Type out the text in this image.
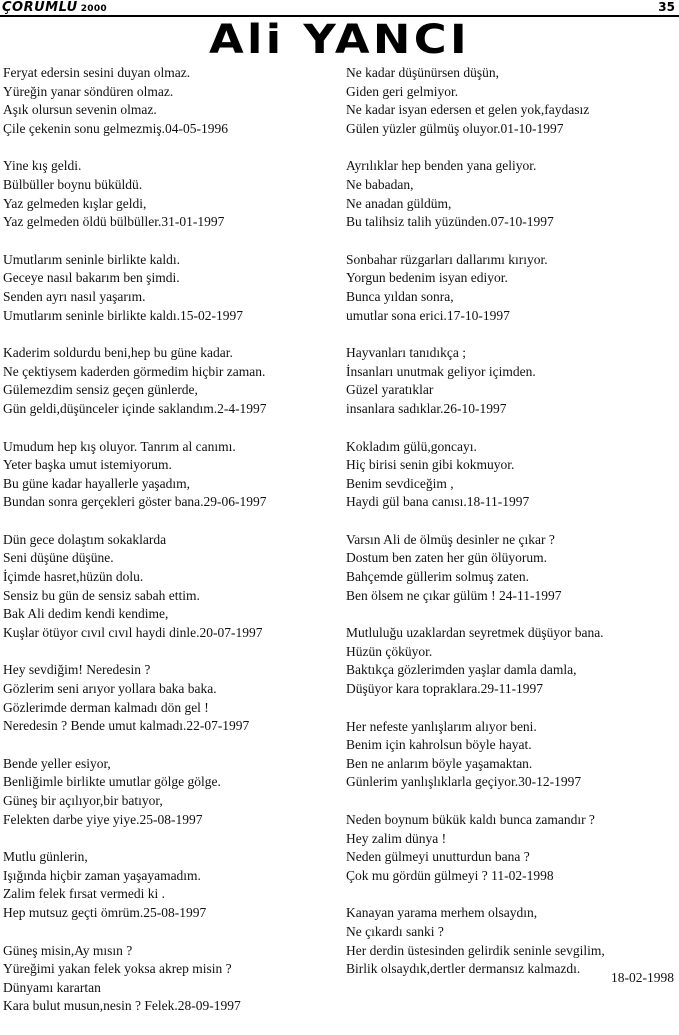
ÇORUMLU 2000	35
Ali YANCI
Feryat edersin sesini duyan olmaz.
Yüreğin yanar söndüren olmaz.
Aşık olursun sevenin olmaz.
Çile çekenin sonu gelmezmiş.04-05-1996
Yine kış geldi.
Bülbüller boynu büküldü.
Yaz gelmeden kışlar geldi,
Yaz gelmeden öldü bülbüller.31-01-1997
Umutlarım seninle birlikte kaldı.
Geceye nasıl bakarım ben şimdi.
Senden ayrı nasıl yaşarım.
Umutlarım seninle birlikte kaldı.15-02-1997
Kaderim soldurdu beni,hep bu güne kadar.
Ne çektiysem kaderden görmedim hiçbir zaman.
Gülemezdim sensiz geçen günlerde,
Gün geldi,düşünceler içinde saklandım.2-4-1997
Umudum hep kış oluyor. Tanrım al canımı.
Yeter başka umut istemiyorum.
Bu güne kadar hayallerle yaşadım,
Bundan sonra gerçekleri göster bana.29-06-1997
Dün gece dolaştım sokaklarda
Seni düşüne düşüne.
İçimde hasret,hüzün dolu.
Sensiz bu gün de sensiz sabah ettim.
Bak Ali dedim kendi kendime,
Kuşlar ötüyor cıvıl cıvıl haydi dinle.20-07-1997
Hey sevdiğim! Neredesin ?
Gözlerim seni arıyor yollara baka baka.
Gözlerimde derman kalmadı dön gel !
Neredesin ? Bende umut kalmadı.22-07-1997
Bende yeller esiyor,
Benliğimle birlikte umutlar gölge gölge.
Güneş bir açılıyor,bir batıyor,
Felekten darbe yiye yiye.25-08-1997
Mutlu günlerin,
Işığında hiçbir zaman yaşayamadım.
Zalim felek fırsat vermedi ki .
Hep mutsuz geçti ömrüm.25-08-1997
Güneş misin,Ay mısın ?
Yüreğimi yakan felek yoksa akrep misin ?
Dünyamı karartan
Kara bulut musun,nesin ? Felek.28-09-1997
Ne kadar düşünürsen düşün,
Giden geri gelmiyor.
Ne kadar isyan edersen et gelen yok,faydasız
Gülen yüzler gülmüş oluyor.01-10-1997
Ayrılıklar hep benden yana geliyor.
Ne babadan,
Ne anadan güldüm,
Bu talihsiz talih yüzünden.07-10-1997
Sonbahar rüzgarları dallarımı kırıyor.
Yorgun bedenim isyan ediyor.
Bunca yıldan sonra,
umutlar sona erici.17-10-1997
Hayvanları tanıdıkça ;
İnsanları unutmak geliyor içimden.
Güzel yaratıklar
insanlara sadıklar.26-10-1997
Kokladım gülü,goncayı.
Hiç birisi senin gibi kokmuyor.
Benim sevdiceğim ,
Haydi gül bana canısı.18-11-1997
Varsın Ali de ölmüş desinler ne çıkar ?
Dostum ben zaten her gün ölüyorum.
Bahçemde güllerim solmuş zaten.
Ben ölsem ne çıkar gülüm ! 24-11-1997
Mutluluğu uzaklardan seyretmek düşüyor bana.
Hüzün çöküyor.
Baktıkça gözlerimden yaşlar damla damla,
Düşüyor kara topraklara.29-11-1997
Her nefeste yanlışlarım alıyor beni.
Benim için kahrolsun böyle hayat.
Ben ne anlarım böyle yaşamaktan.
Günlerim yanlışlıklarla geçiyor.30-12-1997
Neden boynum bükük kaldı bunca zamandır ?
Hey zalim dünya !
Neden gülmeyi unutturdun bana ?
Çok mu gördün gülmeyi ? 11-02-1998
Kanayan yarama merhem olsaydın,
Ne çıkardı sanki ?
Her derdin üstesinden gelirdik seninle sevgilim,
Birlik olsaydık,dertler dermansız kalmazdı.
18-02-1998
